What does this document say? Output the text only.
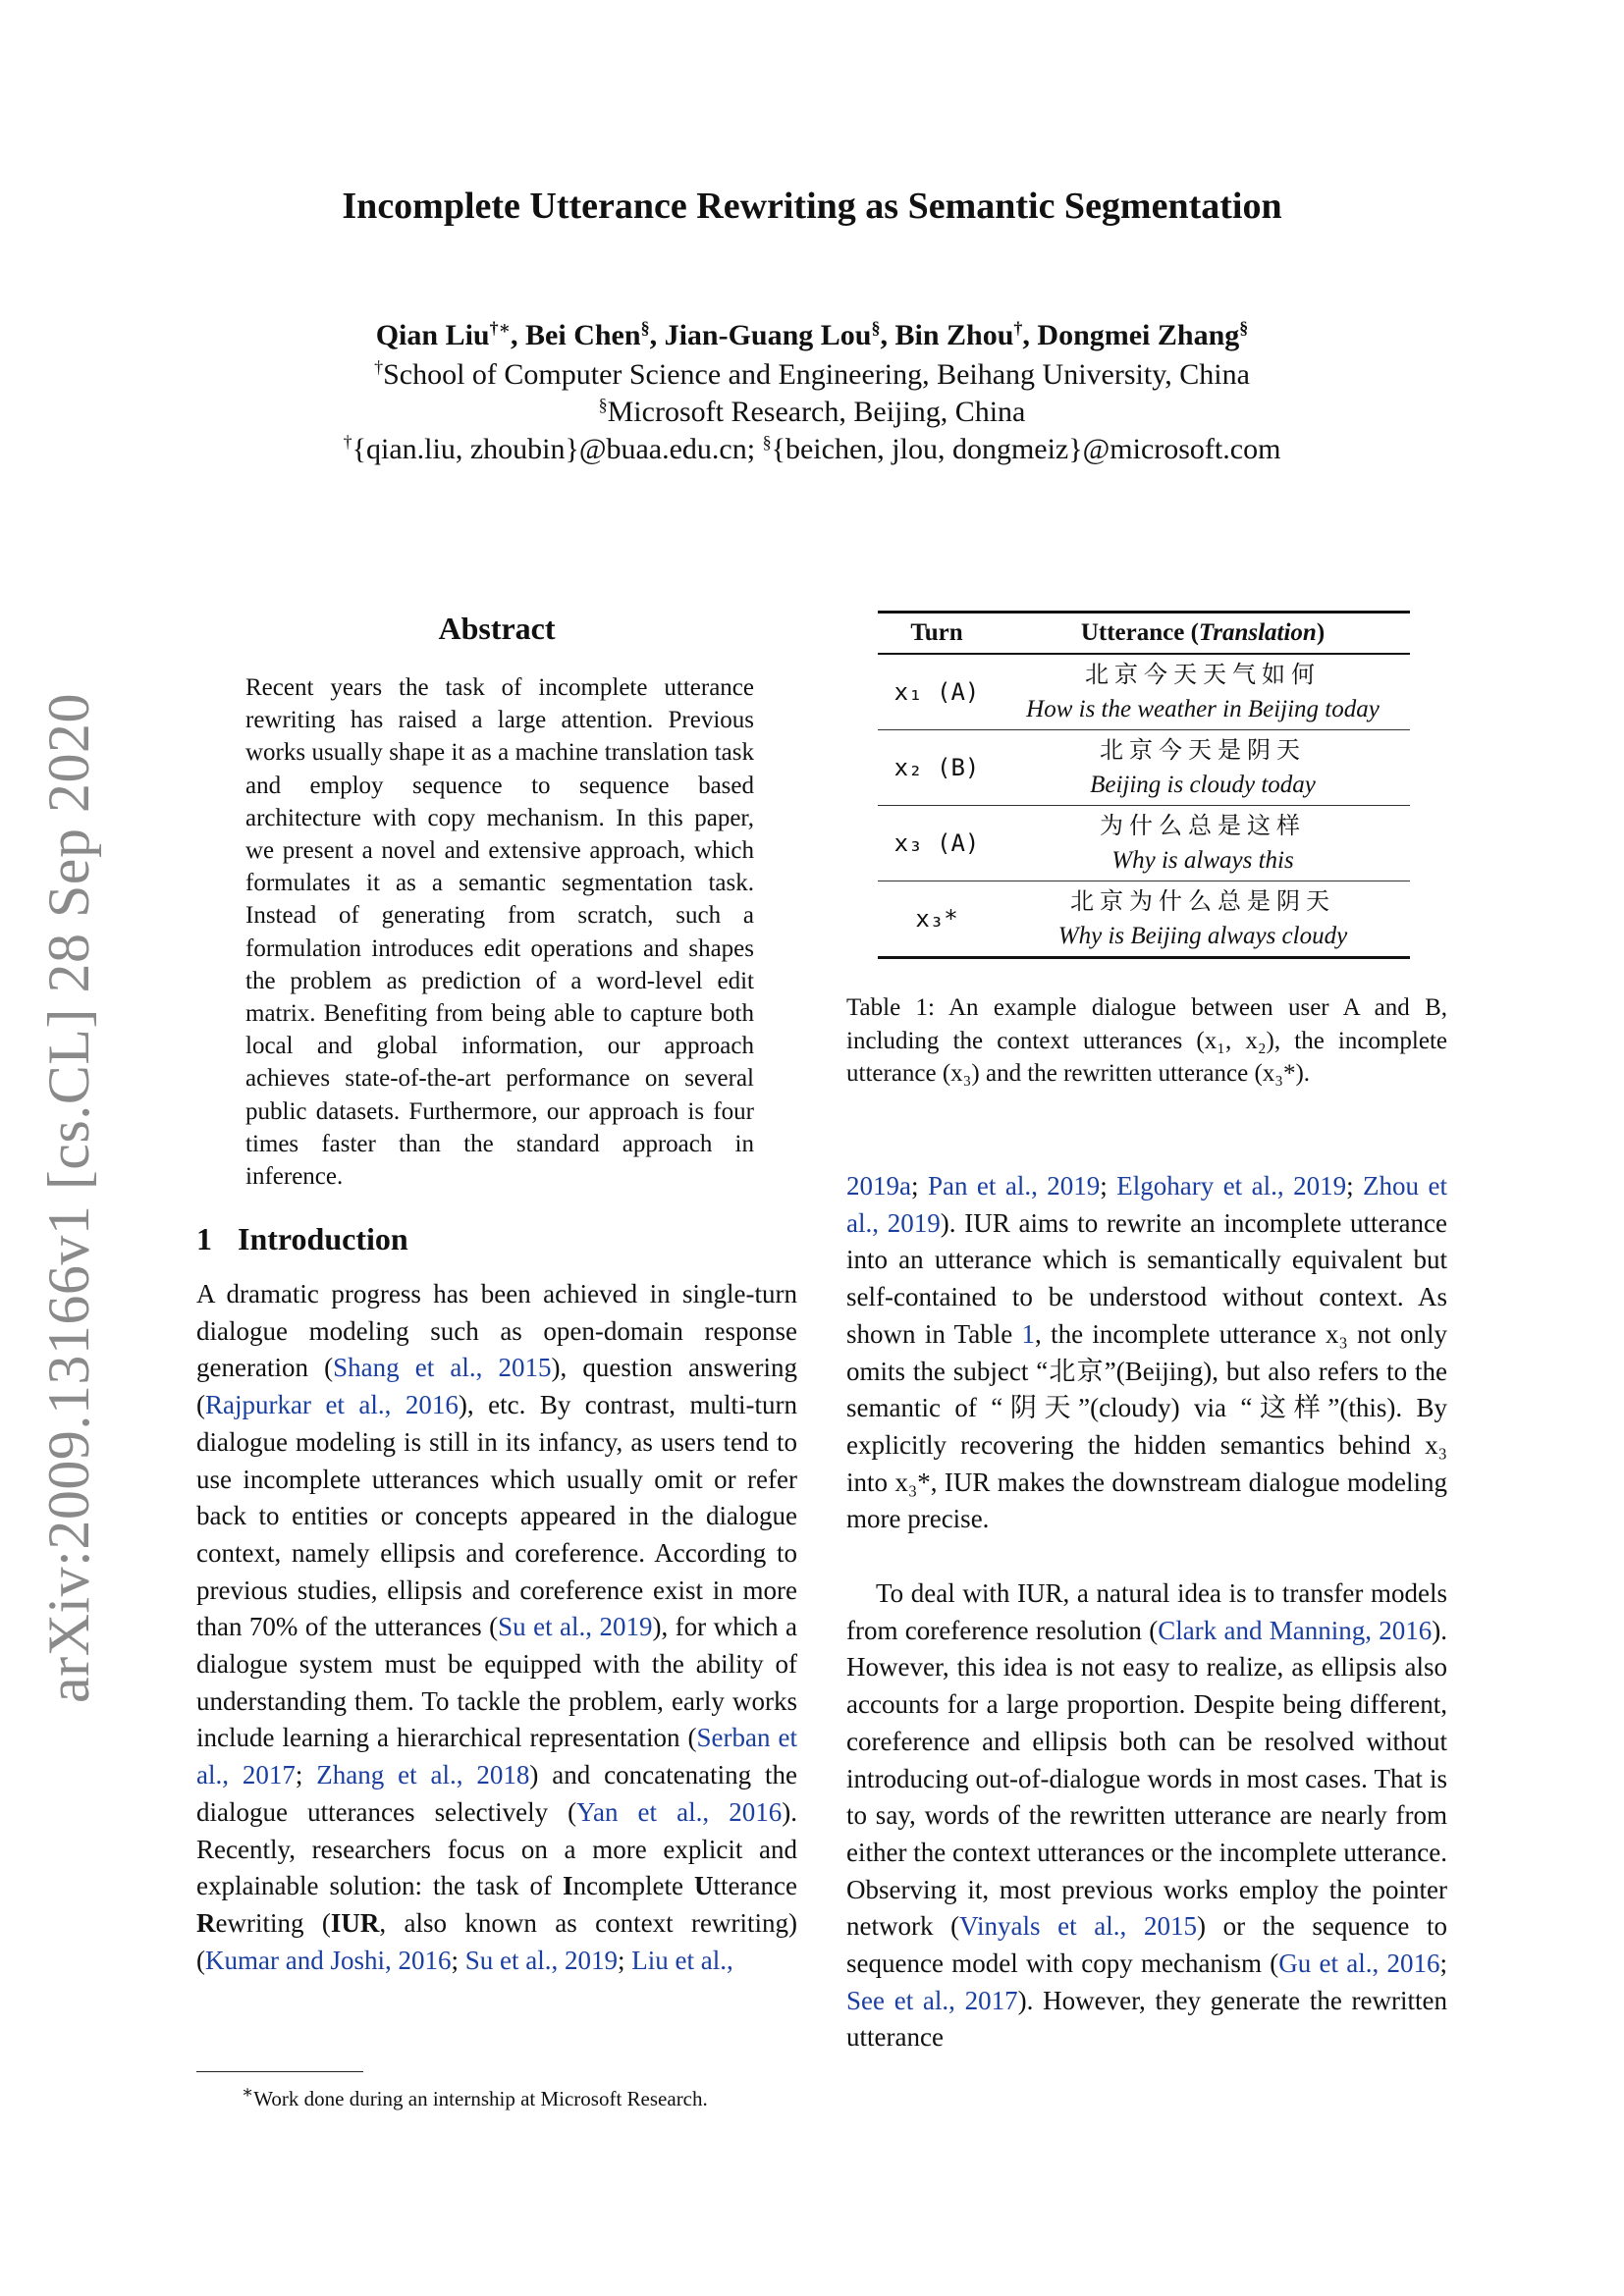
arXiv:2009.13166v1 [cs.CL] 28 Sep 2020
Incomplete Utterance Rewriting as Semantic Segmentation
Qian Liu†∗, Bei Chen§, Jian-Guang Lou§, Bin Zhou†, Dongmei Zhang§
†School of Computer Science and Engineering, Beihang University, China
§Microsoft Research, Beijing, China
†{qian.liu, zhoubin}@buaa.edu.cn; §{beichen, jlou, dongmeiz}@microsoft.com
Abstract
Recent years the task of incomplete utterance rewriting has raised a large attention. Previous works usually shape it as a machine translation task and employ sequence to sequence based architecture with copy mechanism. In this paper, we present a novel and extensive approach, which formulates it as a semantic segmentation task. Instead of generating from scratch, such a formulation introduces edit operations and shapes the problem as prediction of a word-level edit matrix. Benefiting from being able to capture both local and global information, our approach achieves state-of-the-art performance on several public datasets. Furthermore, our approach is four times faster than the standard approach in inference.
1 Introduction
A dramatic progress has been achieved in single-turn dialogue modeling such as open-domain response generation (Shang et al., 2015), question answering (Rajpurkar et al., 2016), etc. By contrast, multi-turn dialogue modeling is still in its infancy, as users tend to use incomplete utterances which usually omit or refer back to entities or concepts appeared in the dialogue context, namely ellipsis and coreference. According to previous studies, ellipsis and coreference exist in more than 70% of the utterances (Su et al., 2019), for which a dialogue system must be equipped with the ability of understanding them. To tackle the problem, early works include learning a hierarchical representation (Serban et al., 2017; Zhang et al., 2018) and concatenating the dialogue utterances selectively (Yan et al., 2016). Recently, researchers focus on a more explicit and explainable solution: the task of Incomplete Utterance Rewriting (IUR, also known as context rewriting) (Kumar and Joshi, 2016; Su et al., 2019; Liu et al.,
∗Work done during an internship at Microsoft Research.
Turn	Utterance (Translation)
x₁ (A)	北京今天天气如何
How is the weather in Beijing today

x₂ (B)	北京今天是阴天
Beijing is cloudy today

x₃ (A)	为什么总是这样
Why is always this

x₃*	北京为什么总是阴天
Why is Beijing always cloudy
Table 1: An example dialogue between user A and B, including the context utterances (x₁, x₂), the incomplete utterance (x₃) and the rewritten utterance (x₃*).
2019a; Pan et al., 2019; Elgohary et al., 2019; Zhou et al., 2019). IUR aims to rewrite an incomplete utterance into an utterance which is semantically equivalent but self-contained to be understood without context. As shown in Table 1, the incomplete utterance x₃ not only omits the subject “北京”(Beijing), but also refers to the semantic of “阴天”(cloudy) via “这样”(this). By explicitly recovering the hidden semantics behind x₃ into x₃*, IUR makes the downstream dialogue modeling more precise.
To deal with IUR, a natural idea is to transfer models from coreference resolution (Clark and Manning, 2016). However, this idea is not easy to realize, as ellipsis also accounts for a large proportion. Despite being different, coreference and ellipsis both can be resolved without introducing out-of-dialogue words in most cases. That is to say, words of the rewritten utterance are nearly from either the context utterances or the incomplete utterance. Observing it, most previous works employ the pointer network (Vinyals et al., 2015) or the sequence to sequence model with copy mechanism (Gu et al., 2016; See et al., 2017). However, they generate the rewritten utterance
